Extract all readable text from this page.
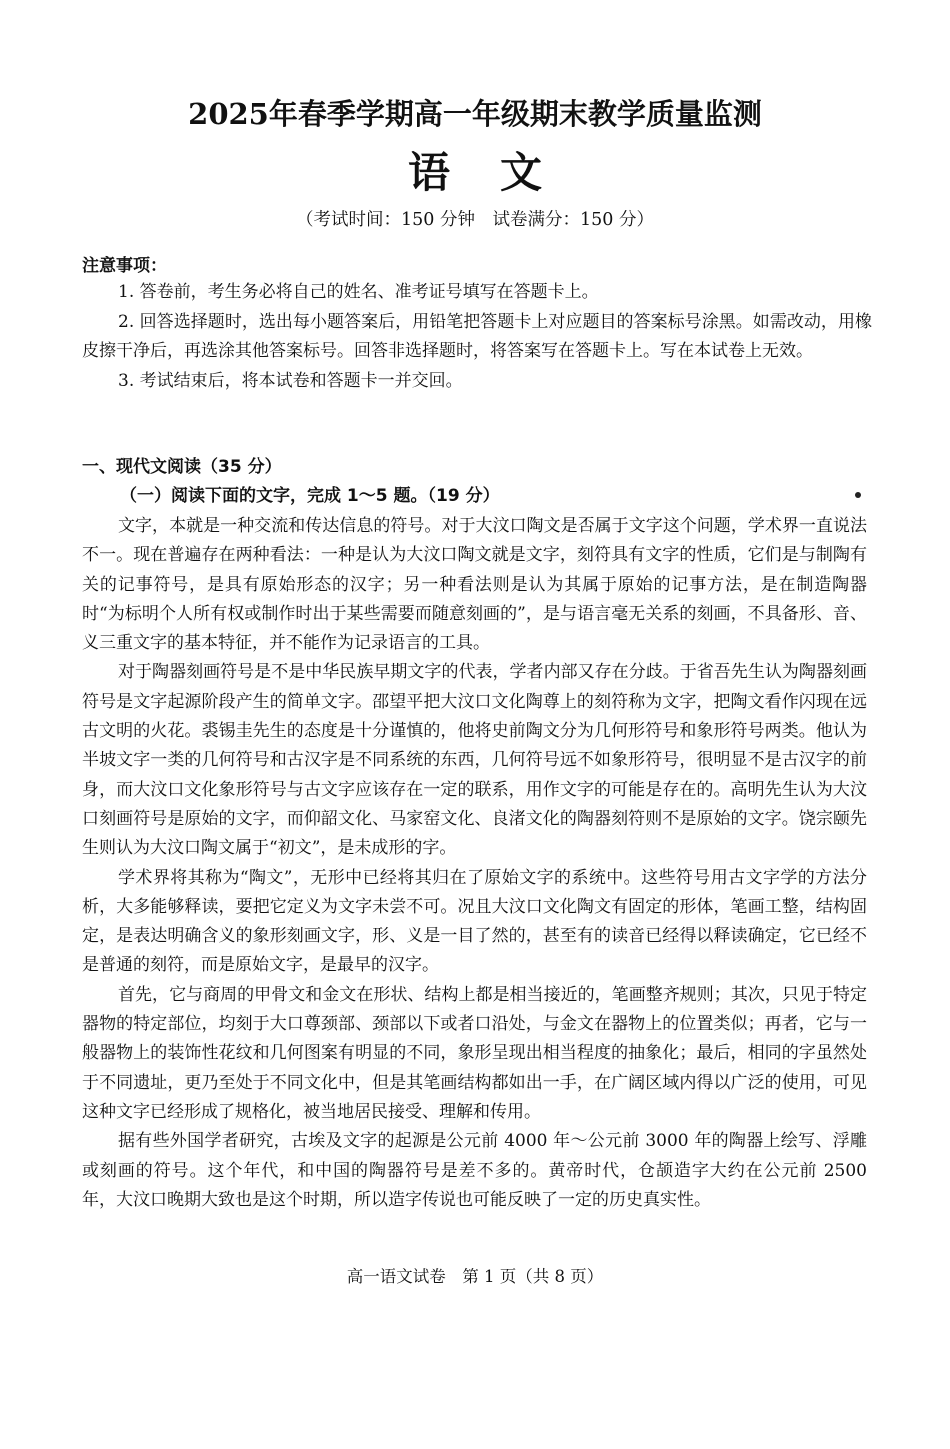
2025年春季学期高一年级期末教学质量监测
语 文
（考试时间：150 分钟　试卷满分：150 分）
注意事项：

1. 答卷前，考生务必将自己的姓名、准考证号填写在答题卡上。

2. 回答选择题时，选出每小题答案后，用铅笔把答题卡上对应题目的答案标号涂黑。如需改动，用橡皮擦干净后，再选涂其他答案标号。回答非选择题时，将答案写在答题卡上。写在本试卷上无效。

3. 考试结束后，将本试卷和答题卡一并交回。

一、现代文阅读（35 分）
（一）阅读下面的文字，完成 1～5 题。（19 分）

文字，本就是一种交流和传达信息的符号。对于大汶口陶文是否属于文字这个问题，学术界一直说法不一。现在普遍存在两种看法：一种是认为大汶口陶文就是文字，刻符具有文字的性质，它们是与制陶有关的记事符号，是具有原始形态的汉字；另一种看法则是认为其属于原始的记事方法，是在制造陶器时“为标明个人所有权或制作时出于某些需要而随意刻画的”，是与语言毫无关系的刻画，不具备形、音、义三重文字的基本特征，并不能作为记录语言的工具。

对于陶器刻画符号是不是中华民族早期文字的代表，学者内部又存在分歧。于省吾先生认为陶器刻画符号是文字起源阶段产生的简单文字。邵望平把大汶口文化陶尊上的刻符称为文字，把陶文看作闪现在远古文明的火花。裘锡圭先生的态度是十分谨慎的，他将史前陶文分为几何形符号和象形符号两类。他认为半坡文字一类的几何符号和古汉字是不同系统的东西，几何符号远不如象形符号，很明显不是古汉字的前身，而大汶口文化象形符号与古文字应该存在一定的联系，用作文字的可能是存在的。高明先生认为大汶口刻画符号是原始的文字，而仰韶文化、马家窑文化、良渚文化的陶器刻符则不是原始的文字。饶宗颐先生则认为大汶口陶文属于“初文”，是未成形的字。

学术界将其称为“陶文”，无形中已经将其归在了原始文字的系统中。这些符号用古文字学的方法分析，大多能够释读，要把它定义为文字未尝不可。况且大汶口文化陶文有固定的形体，笔画工整，结构固定，是表达明确含义的象形刻画文字，形、义是一目了然的，甚至有的读音已经得以释读确定，它已经不是普通的刻符，而是原始文字，是最早的汉字。

首先，它与商周的甲骨文和金文在形状、结构上都是相当接近的，笔画整齐规则；其次，只见于特定器物的特定部位，均刻于大口尊颈部、颈部以下或者口沿处，与金文在器物上的位置类似；再者，它与一般器物上的装饰性花纹和几何图案有明显的不同，象形呈现出相当程度的抽象化；最后，相同的字虽然处于不同遗址，更乃至处于不同文化中，但是其笔画结构都如出一手，在广阔区域内得以广泛的使用，可见这种文字已经形成了规格化，被当地居民接受、理解和传用。

据有些外国学者研究，古埃及文字的起源是公元前 4000 年～公元前 3000 年的陶器上绘写、浮雕或刻画的符号。这个年代，和中国的陶器符号是差不多的。黄帝时代，仓颉造字大约在公元前 2500 年，大汶口晚期大致也是这个时期，所以造字传说也可能反映了一定的历史真实性。

高一语文试卷　第 1 页（共 8 页）
